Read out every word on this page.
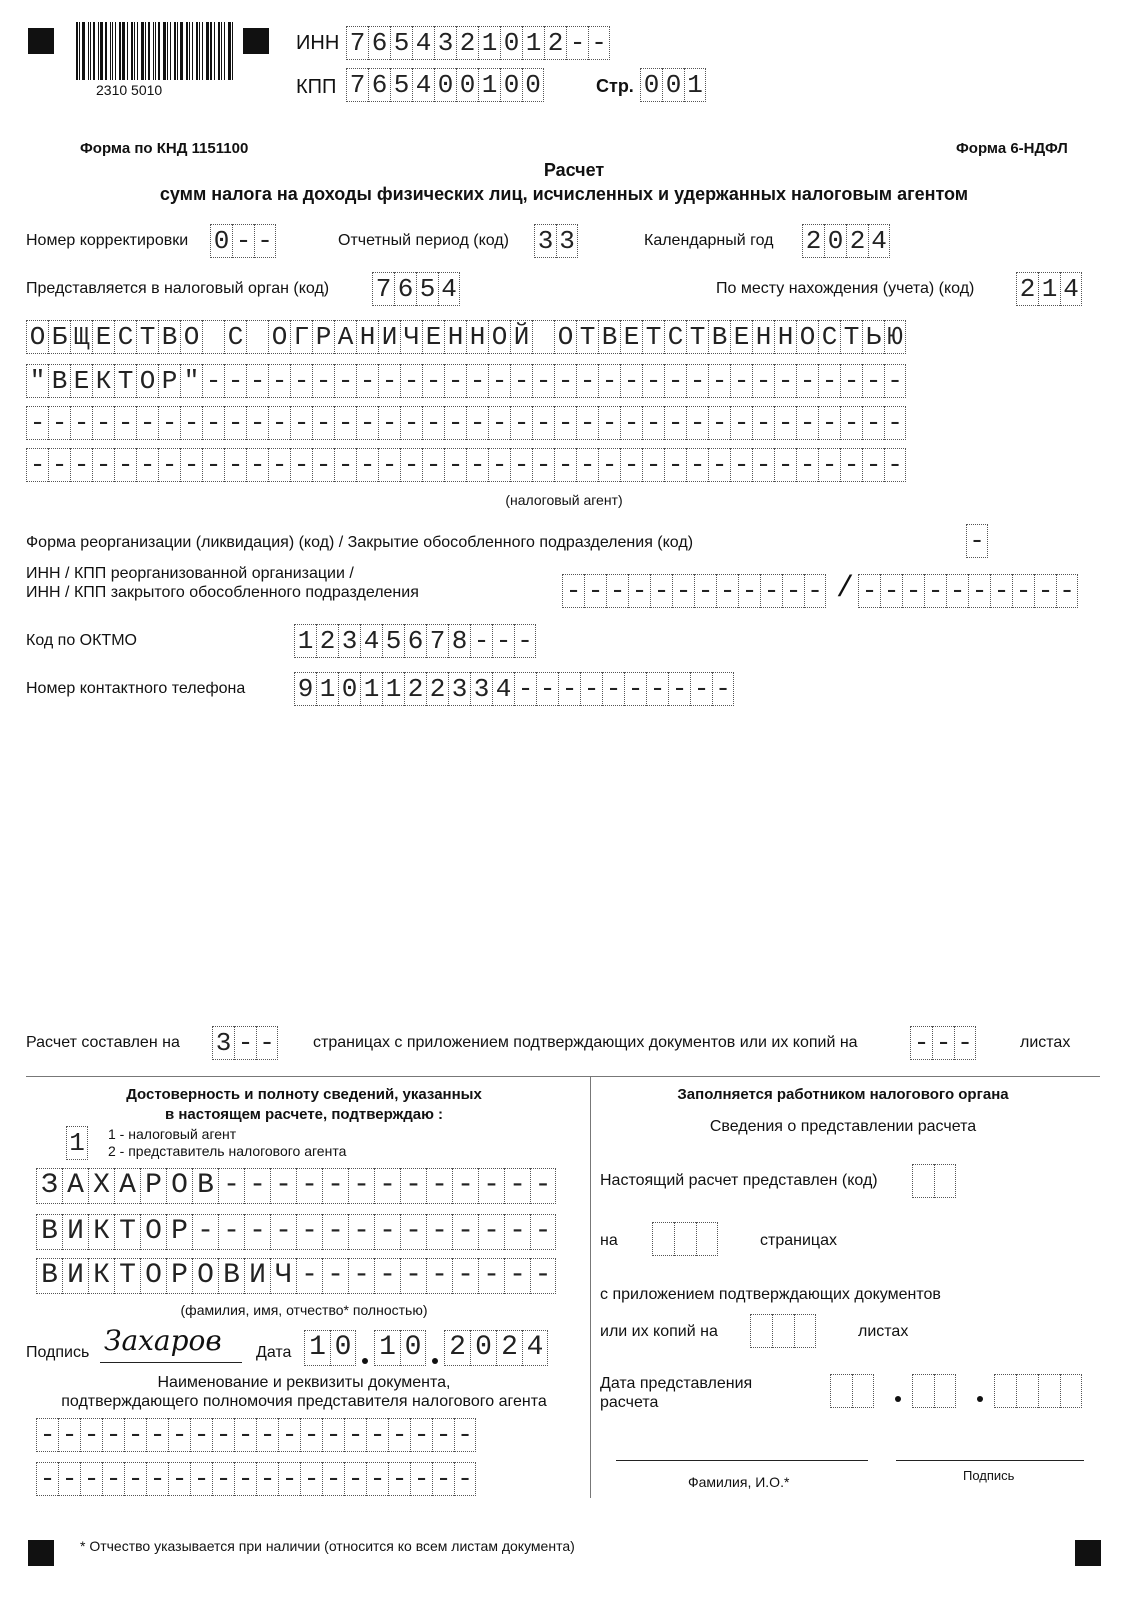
2310 5010
ИНН 7 6 5 4 3 2 1 0 1 2 - -
КПП 7 6 5 4 0 0 1 0 0	Стр. 0 0 1
Форма по КНД 1151100	Форма 6-НДФЛ
Расчет
сумм налога на доходы физических лиц, исчисленных и удержанных налоговым агентом
Номер корректировки 0 - -	Отчетный период (код) 3 3	Календарный год 2 0 2 4
Представляется в налоговый орган (код) 7 6 5 4	По месту нахождения (учета) (код) 2 1 4
О Б Щ Е С Т В О С О Г Р А Н И Ч Е Н Н О Й О Т В Е Т С Т В Е Н Н О С Т Ь Ю
" В Е К Т О Р " - - - - - - - - - - - - - - - - - - - - - - - - - - - - - - - -
- - - - - - - - - - - - - - - - - - - - - - - - - - - - - - - - - - - - - - - -
- - - - - - - - - - - - - - - - - - - - - - - - - - - - - - - - - - - - - - - -
(налоговый агент)
Форма реорганизации (ликвидация) (код) / Закрытие обособленного подразделения (код)	-
ИНН / КПП реорганизованной организации /
ИНН / КПП закрытого обособленного подразделения	- - - - - - - - - - - - / - - - - - - - - - -
Код по ОКТМО	1 2 3 4 5 6 7 8 - - -
Номер контактного телефона 9 1 0 1 1 2 2 3 3 4 - - - - - - - - - -
Расчет составлен на 3 - - страницах с приложением подтверждающих документов или их копий на - - -	листах
Достоверность и полноту сведений, указанных
в настоящем расчете, подтверждаю :
1 1 - налоговый агент
2 - представитель налогового агента
З А Х А Р О В - - - - - - - - - - - - -
В И К Т О Р - - - - - - - - - - - - - -
В И К Т О Р О В И Ч - - - - - - - - - -
(фамилия, имя, отчество* полностью)
Подпись Захаров Дата 1 0 1 0 2 0 2 4
Наименование и реквизиты документа,
подтверждающего полномочия представителя налогового агента
- - - - - - - - - - - - - - - - - - - -
- - - - - - - - - - - - - - - - - - - -
Заполняется работником налогового органа
Сведения о представлении расчета
Настоящий расчет представлен (код)
на	страницах
с приложением подтверждающих документов
или их копий на	листах
Дата представления
расчета
Фамилия, И.О.*	Подпись
* Отчество указывается при наличии (относится ко всем листам документа)
